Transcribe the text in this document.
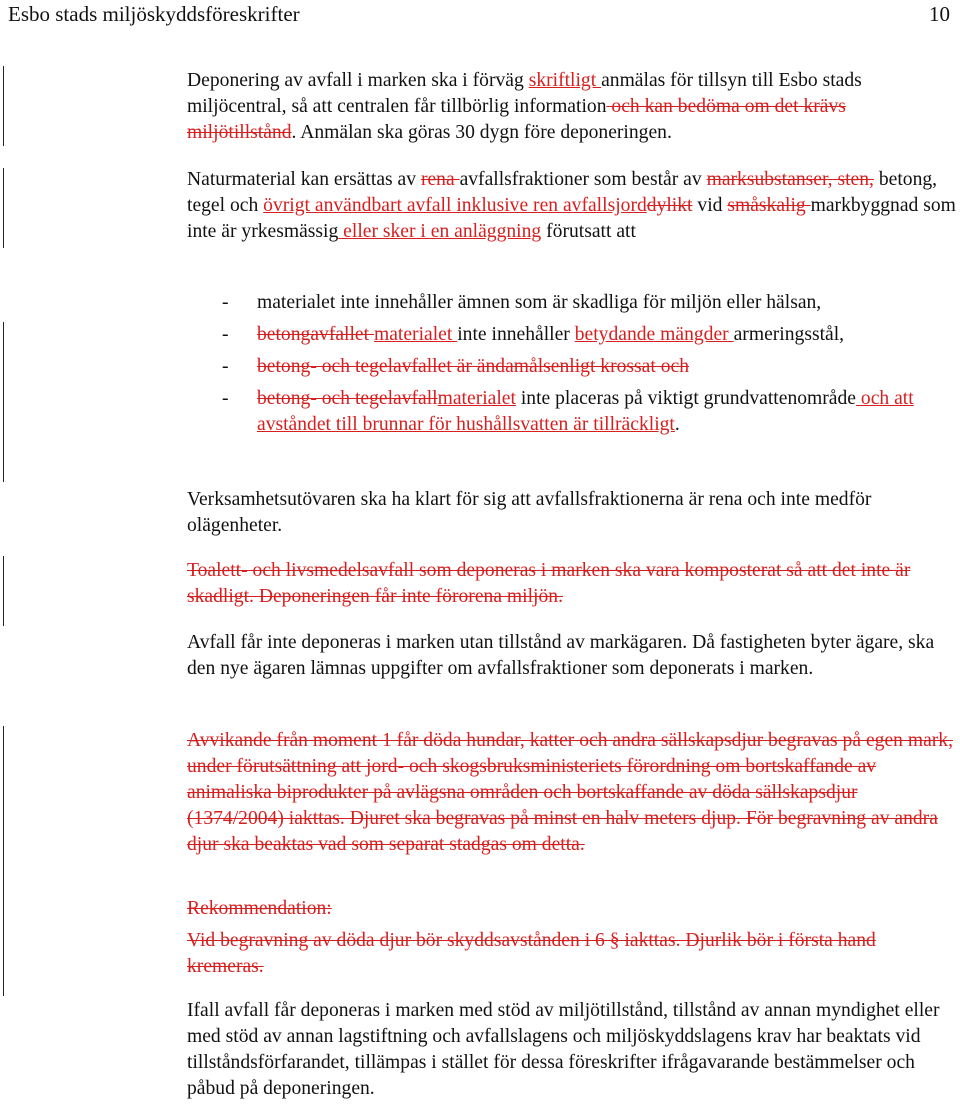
Esbo stads miljöskyddsföreskrifter	10
Deponering av avfall i marken ska i förväg skriftligt anmälas för tillsyn till Esbo stads miljöcentral, så att centralen får tillbörlig information och kan bedöma om det krävs miljötillstånd. Anmälan ska göras 30 dygn före deponeringen.
Naturmaterial kan ersättas av rena avfallsfraktioner som består av marksubstanser, sten, betong, tegel och övrigt användbart avfall inklusive ren avfallsjorddylikt vid småskalig markbyggnad som inte är yrkesmässig eller sker i en anläggning förutsatt att
-	materialet inte innehåller ämnen som är skadliga för miljön eller hälsan,
-	betongavfallet materialet inte innehåller betydande mängder armeringsstål,
-	betong- och tegelavfallet är ändamålsenligt krossat och
-	betong- och tegelavfallmaterialet inte placeras på viktigt grundvattenområde och att avståndet till brunnar för hushållsvatten är tillräckligt.
Verksamhetsutövaren ska ha klart för sig att avfallsfraktionerna är rena och inte medför olägenheter.
Toalett- och livsmedelsavfall som deponeras i marken ska vara komposterat så att det inte är skadligt. Deponeringen får inte förorena miljön.
Avfall får inte deponeras i marken utan tillstånd av markägaren. Då fastigheten byter ägare, ska den nye ägaren lämnas uppgifter om avfallsfraktioner som deponerats i marken.
Avvikande från moment 1 får döda hundar, katter och andra sällskapsdjur begravas på egen mark, under förutsättning att jord- och skogsbruksministeriets förordning om bortskaffande av animaliska biprodukter på avlägsna områden och bortskaffande av döda sällskapsdjur (1374/2004) iakttas. Djuret ska begravas på minst en halv meters djup. För begravning av andra djur ska beaktas vad som separat stadgas om detta.
Rekommendation:
Vid begravning av döda djur bör skyddsavstånden i 6 § iakttas. Djurlik bör i första hand kremeras.
Ifall avfall får deponeras i marken med stöd av miljötillstånd, tillstånd av annan myndighet eller med stöd av annan lagstiftning och avfallslagens och miljöskyddslagens krav har beaktats vid tillståndsförfarandet, tillämpas i stället för dessa föreskrifter ifrågavarande bestämmelser och påbud på deponeringen.
